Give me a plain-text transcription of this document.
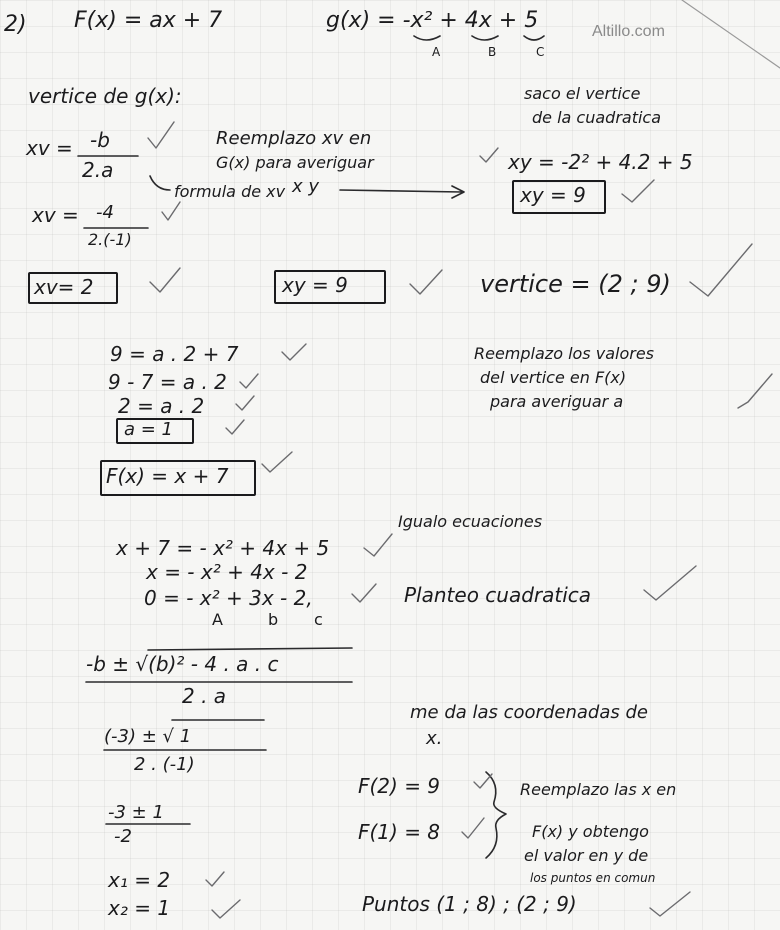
Altillo.com
2) F(x) = ax + 7	g(x) = -x² + 4x + 5
A	B	C
vertice de g(x):
xv = -b
2.a
formula de xv
xv = -4
2.(-1)
xv= 2
Reemplazo xv en
G(x) para averiguar
x y
saco el vertice
de la cuadratica
xy = -2² + 4.2 + 5
xy = 9
xy = 9	vertice = (2 ; 9)
9 = a . 2 + 7
9 - 7 = a . 2
2 = a . 2
a = 1
Reemplazo los valores
del vertice en F(x)
para averiguar a
F(x) = x + 7
Igualo ecuaciones
x + 7 = - x² + 4x + 5
x = - x² + 4x - 2
0 = - x² + 3x - 2,
A	b c
Planteo cuadratica
-b ± √(b)² - 4 . a . c
2 . a
(-3) ± √ 1
2 . (-1)
-3 ± 1
-2
x₁ = 2
x₂ = 1
me da las coordenadas de
x.
F(2) = 9
F(1) = 8
Reemplazo las x en
F(x) y obtengo
el valor en y de
los puntos en comun
Puntos (1 ; 8) ; (2 ; 9)
